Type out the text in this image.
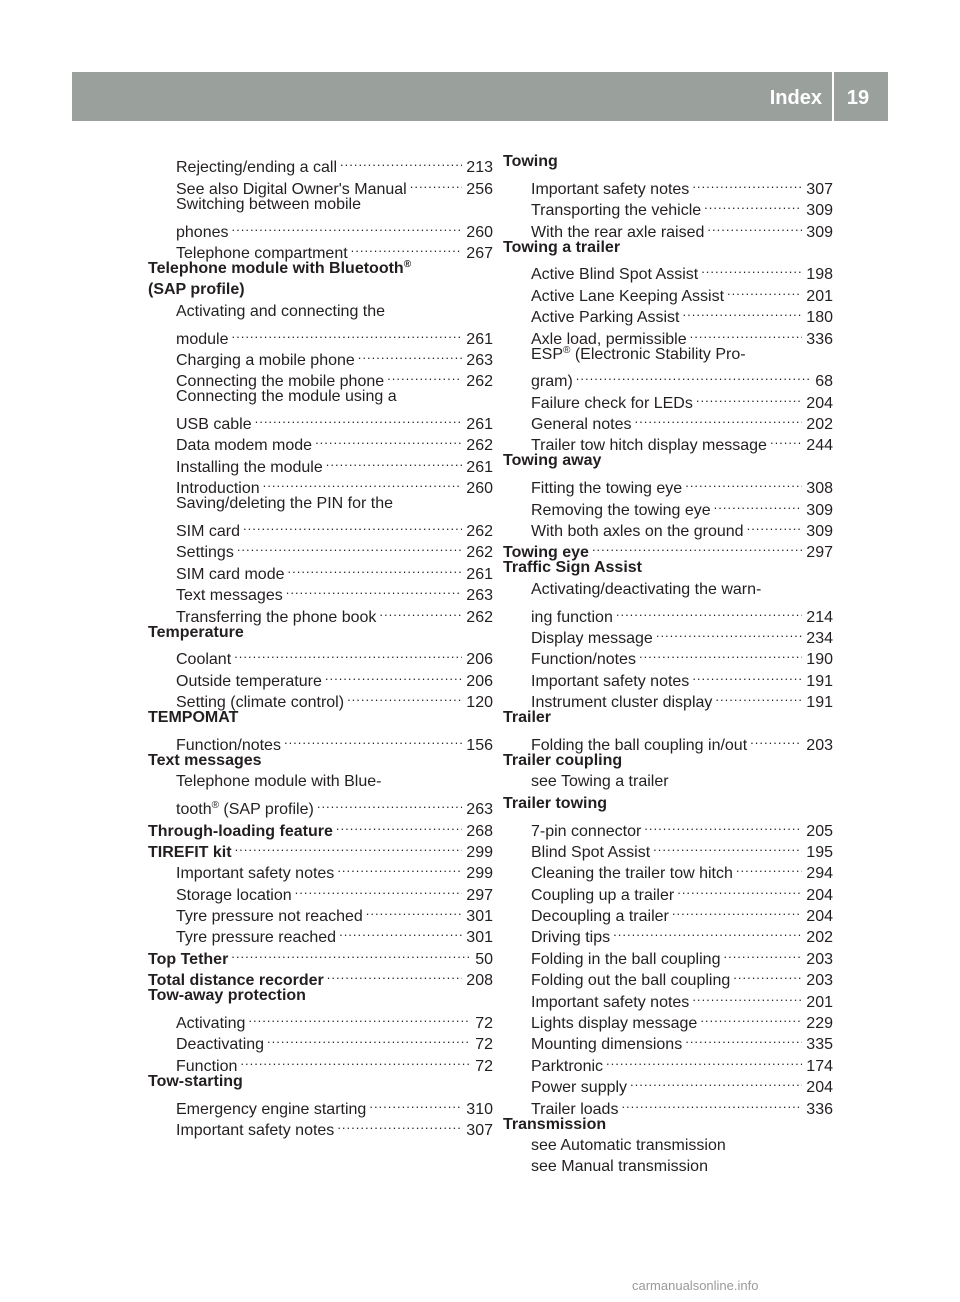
Index	19
Rejecting/ending a call .....	213
See also Digital Owner's Manual .....	256
Switching between mobile
phones .....	260
Telephone compartment .....	267
Telephone module with Bluetooth®
(SAP profile)
Activating and connecting the
module .....	261
Charging a mobile phone .....	263
Connecting the mobile phone .....	262
Connecting the module using a
USB cable .....	261
Data modem mode .....	262
Installing the module .....	261
Introduction .....	260
Saving/deleting the PIN for the
SIM card .....	262
Settings .....	262
SIM card mode .....	261
Text messages .....	263
Transferring the phone book .....	262
Temperature
Coolant .....	206
Outside temperature .....	206
Setting (climate control) .....	120
TEMPOMAT
Function/notes .....	156
Text messages
Telephone module with Blue-
tooth® (SAP profile) .....	263
Through-loading feature .....	268
TIREFIT kit .....	299
Important safety notes .....	299
Storage location .....	297
Tyre pressure not reached .....	301
Tyre pressure reached .....	301
Top Tether .....	50
Total distance recorder .....	208
Tow-away protection
Activating .....	72
Deactivating .....	72
Function .....	72
Tow-starting
Emergency engine starting .....	310
Important safety notes .....	307
Towing
Important safety notes .....	307
Transporting the vehicle .....	309
With the rear axle raised .....	309
Towing a trailer
Active Blind Spot Assist .....	198
Active Lane Keeping Assist .....	201
Active Parking Assist .....	180
Axle load, permissible .....	336
ESP® (Electronic Stability Pro-
gram) .....	68
Failure check for LEDs .....	204
General notes .....	202
Trailer tow hitch display message ..... 244
Towing away
Fitting the towing eye .....	308
Removing the towing eye .....	309
With both axles on the ground .....	309
Towing eye .....	297
Traffic Sign Assist
Activating/deactivating the warn-
ing function .....	214
Display message .....	234
Function/notes .....	190
Important safety notes .....	191
Instrument cluster display .....	191
Trailer
Folding the ball coupling in/out .....	203
Trailer coupling
see Towing a trailer
Trailer towing
7-pin connector .....	205
Blind Spot Assist .....	195
Cleaning the trailer tow hitch .....	294
Coupling up a trailer .....	204
Decoupling a trailer .....	204
Driving tips .....	202
Folding in the ball coupling .....	203
Folding out the ball coupling .....	203
Important safety notes .....	201
Lights display message .....	229
Mounting dimensions .....	335
Parktronic .....	174
Power supply .....	204
Trailer loads .....	336
Transmission
see Automatic transmission
see Manual transmission
carmanualsonline.info
